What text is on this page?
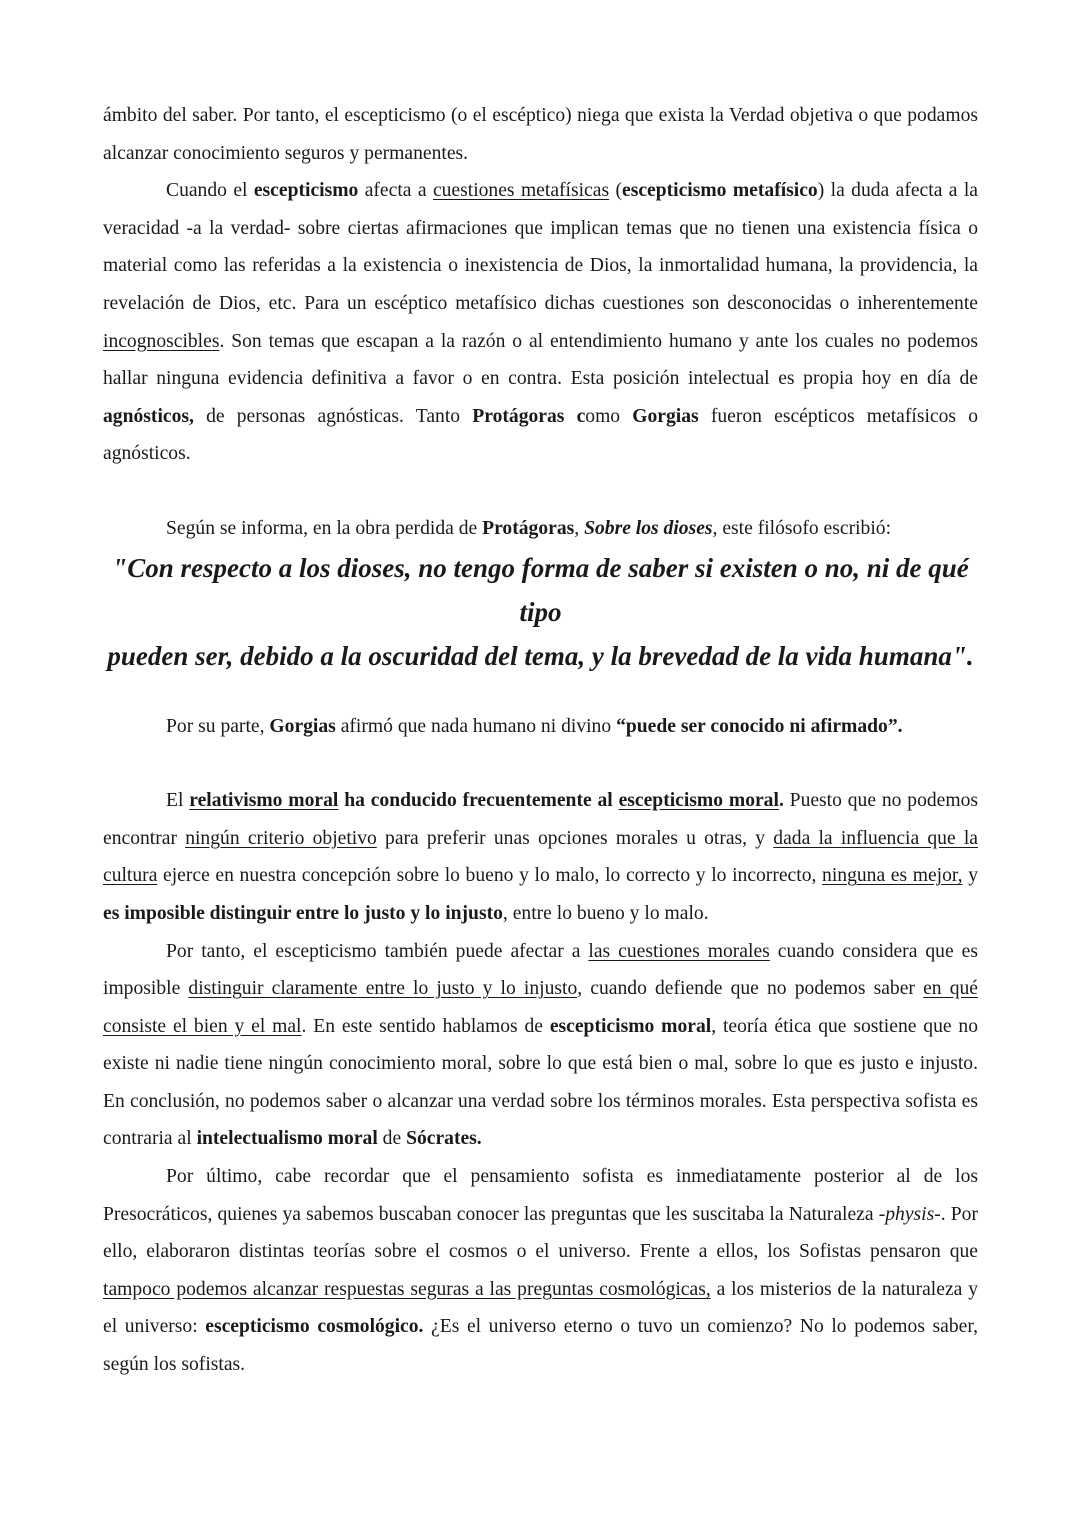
ámbito del saber. Por tanto, el escepticismo (o el escéptico) niega que exista la Verdad objetiva o que podamos alcanzar conocimiento seguros y permanentes.

Cuando el escepticismo afecta a cuestiones metafísicas (escepticismo metafísico) la duda afecta a la veracidad -a la verdad- sobre ciertas afirmaciones que implican temas que no tienen una existencia física o material como las referidas a la existencia o inexistencia de Dios, la inmortalidad humana, la providencia, la revelación de Dios, etc. Para un escéptico metafísico dichas cuestiones son desconocidas o inherentemente incognoscibles. Son temas que escapan a la razón o al entendimiento humano y ante los cuales no podemos hallar ninguna evidencia definitiva a favor o en contra. Esta posición intelectual es propia hoy en día de agnósticos, de personas agnósticas. Tanto Protágoras como Gorgias fueron escépticos metafísicos o agnósticos.

Según se informa, en la obra perdida de Protágoras, Sobre los dioses, este filósofo escribió:

"Con respecto a los dioses, no tengo forma de saber si existen o no, ni de qué tipo

pueden ser, debido a la oscuridad del tema, y la brevedad de la vida humana".

Por su parte, Gorgias afirmó que nada humano ni divino “puede ser conocido ni afirmado”.

El relativismo moral ha conducido frecuentemente al escepticismo moral. Puesto que no podemos encontrar ningún criterio objetivo para preferir unas opciones morales u otras, y dada la influencia que la cultura ejerce en nuestra concepción sobre lo bueno y lo malo, lo correcto y lo incorrecto, ninguna es mejor, y es imposible distinguir entre lo justo y lo injusto, entre lo bueno y lo malo.

Por tanto, el escepticismo también puede afectar a las cuestiones morales cuando considera que es imposible distinguir claramente entre lo justo y lo injusto, cuando defiende que no podemos saber en qué consiste el bien y el mal. En este sentido hablamos de escepticismo moral, teoría ética que sostiene que no existe ni nadie tiene ningún conocimiento moral, sobre lo que está bien o mal, sobre lo que es justo e injusto. En conclusión, no podemos saber o alcanzar una verdad sobre los términos morales. Esta perspectiva sofista es contraria al intelectualismo moral de Sócrates.

Por último, cabe recordar que el pensamiento sofista es inmediatamente posterior al de los Presocráticos, quienes ya sabemos buscaban conocer las preguntas que les suscitaba la Naturaleza -physis-. Por ello, elaboraron distintas teorías sobre el cosmos o el universo. Frente a ellos, los Sofistas pensaron que tampoco podemos alcanzar respuestas seguras a las preguntas cosmológicas, a los misterios de la naturaleza y el universo: escepticismo cosmológico. ¿Es el universo eterno o tuvo un comienzo? No lo podemos saber, según los sofistas.
